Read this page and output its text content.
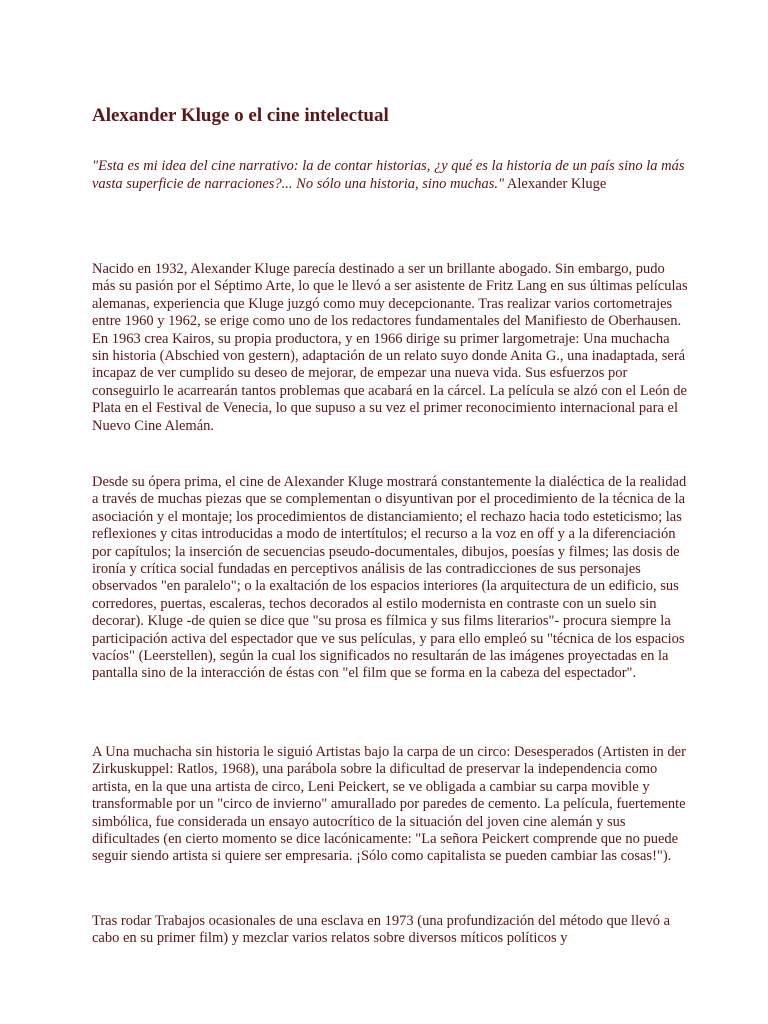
Alexander Kluge o el cine intelectual

"Esta es mi idea del cine narrativo: la de contar historias, ¿y qué es la historia de un país sino la más vasta superficie de narraciones?... No sólo una historia, sino muchas." Alexander Kluge

Nacido en 1932, Alexander Kluge parecía destinado a ser un brillante abogado. Sin embargo, pudo más su pasión por el Séptimo Arte, lo que le llevó a ser asistente de Fritz Lang en sus últimas películas alemanas, experiencia que Kluge juzgó como muy decepcionante. Tras realizar varios cortometrajes entre 1960 y 1962, se erige como uno de los redactores fundamentales del Manifiesto de Oberhausen. En 1963 crea Kairos, su propia productora, y en 1966 dirige su primer largometraje: Una muchacha sin historia (Abschied von gestern), adaptación de un relato suyo donde Anita G., una inadaptada, será incapaz de ver cumplido su deseo de mejorar, de empezar una nueva vida. Sus esfuerzos por conseguirlo le acarrearán tantos problemas que acabará en la cárcel. La película se alzó con el León de Plata en el Festival de Venecia, lo que supuso a su vez el primer reconocimiento internacional para el Nuevo Cine Alemán.

Desde su ópera prima, el cine de Alexander Kluge mostrará constantemente la dialéctica de la realidad a través de muchas piezas que se complementan o disyuntivan por el procedimiento de la técnica de la asociación y el montaje; los procedimientos de distanciamiento; el rechazo hacia todo esteticismo; las reflexiones y citas introducidas a modo de intertítulos; el recurso a la voz en off y a la diferenciación por capítulos; la inserción de secuencias pseudo-documentales, dibujos, poesías y filmes; las dosis de ironía y crítica social fundadas en perceptivos análisis de las contradicciones de sus personajes observados "en paralelo"; o la exaltación de los espacios interiores (la arquitectura de un edificio, sus corredores, puertas, escaleras, techos decorados al estilo modernista en contraste con un suelo sin decorar). Kluge -de quien se dice que "su prosa es fílmica y sus films literarios"- procura siempre la participación activa del espectador que ve sus películas, y para ello empleó su "técnica de los espacios vacíos" (Leerstellen), según la cual los significados no resultarán de las imágenes proyectadas en la pantalla sino de la interacción de éstas con "el film que se forma en la cabeza del espectador".

A Una muchacha sin historia le siguió Artistas bajo la carpa de un circo: Desesperados (Artisten in der Zirkuskuppel: Ratlos, 1968), una parábola sobre la dificultad de preservar la independencia como artista, en la que una artista de circo, Leni Peickert, se ve obligada a cambiar su carpa movible y transformable por un "circo de invierno" amurallado por paredes de cemento. La película, fuertemente simbólica, fue considerada un ensayo autocrítico de la situación del joven cine alemán y sus dificultades (en cierto momento se dice lacónicamente: "La señora Peickert comprende que no puede seguir siendo artista si quiere ser empresaria. ¡Sólo como capitalista se pueden cambiar las cosas!").

Tras rodar Trabajos ocasionales de una esclava en 1973 (una profundización del método que llevó a cabo en su primer film) y mezclar varios relatos sobre diversos míticos políticos y
